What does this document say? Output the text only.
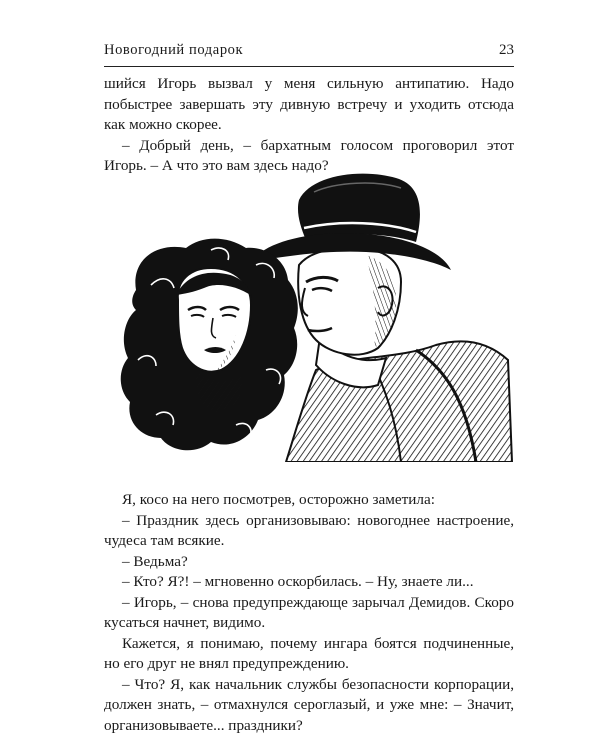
Новогодний подарок	23

шийся Игорь вызвал у меня сильную антипатию. Надо побыстрее завершать эту дивную встречу и уходить отсюда как можно скорее.

– Добрый день, – бархатным голосом проговорил этот Игорь. – А что это вам здесь надо?

Я, косо на него посмотрев, осторожно заметила:

– Праздник здесь организовываю: новогоднее настроение, чудеса там всякие.

– Ведьма?

– Кто? Я?! – мгновенно оскорбилась. – Ну, знаете ли...

– Игорь, – снова предупреждающе зарычал Демидов. Скоро кусаться начнет, видимо.

Кажется, я понимаю, почему ингара боятся подчиненные, но его друг не внял предупреждению.

– Что? Я, как начальник службы безопасности корпорации, должен знать, – отмахнулся сероглазый, и уже мне: – Значит, организовываете... праздники?
